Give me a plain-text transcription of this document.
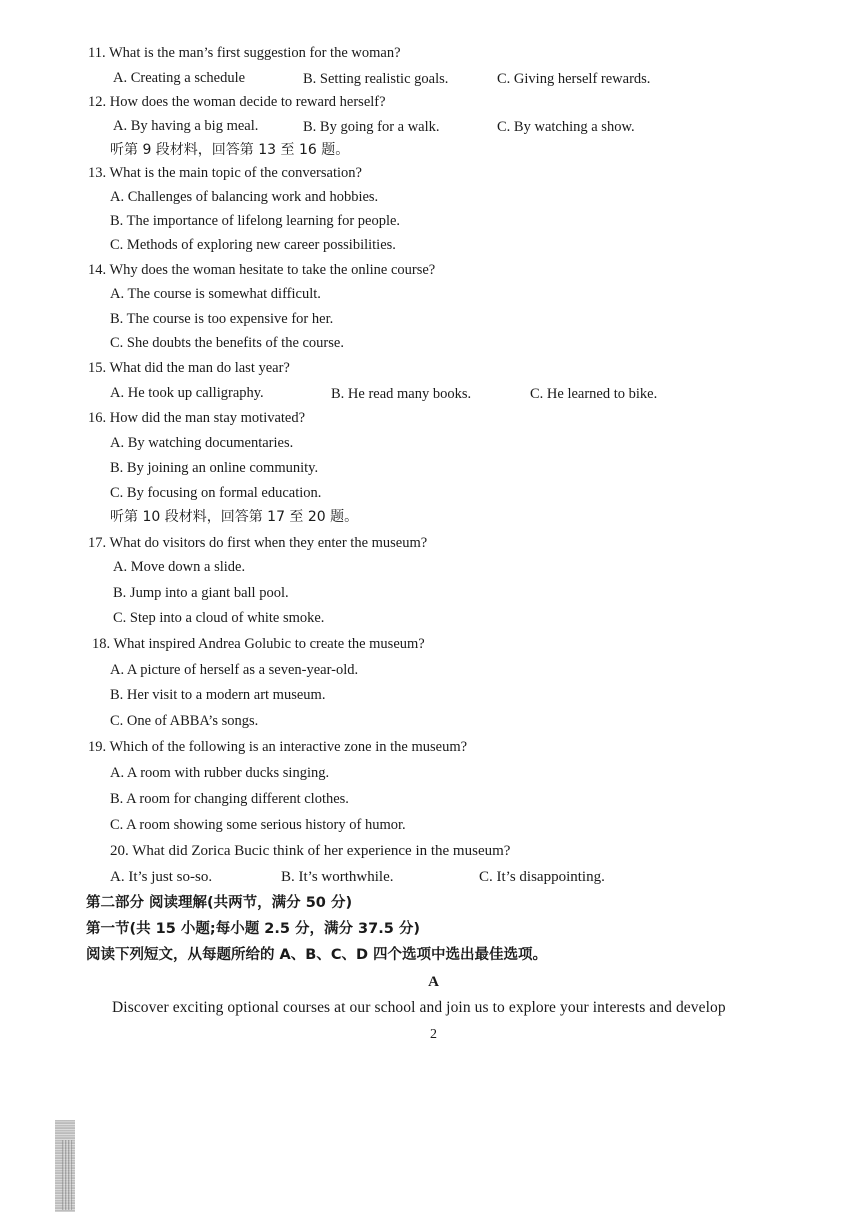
11. What is the man’s first suggestion for the woman?
A. Creating a schedule	B. Setting realistic goals.	C. Giving herself rewards.
12. How does the woman decide to reward herself?
A. By having a big meal.	B. By going for a walk.	C. By watching a show.
听第 9 段材料，回答第 13 至 16 题。
13. What is the main topic of the conversation?
A. Challenges of balancing work and hobbies.
B. The importance of lifelong learning for people.
C. Methods of exploring new career possibilities.
14. Why does the woman hesitate to take the online course?
A. The course is somewhat difficult.
B. The course is too expensive for her.
C. She doubts the benefits of the course.
15. What did the man do last year?
A. He took up calligraphy.	B. He read many books.	C. He learned to bike.
16. How did the man stay motivated?
A. By watching documentaries.
B. By joining an online community.
C. By focusing on formal education.
听第 10 段材料，回答第 17 至 20 题。
17. What do visitors do first when they enter the museum?
A. Move down a slide.
B. Jump into a giant ball pool.
C. Step into a cloud of white smoke.
18. What inspired Andrea Golubic to create the museum?
A. A picture of herself as a seven-year-old.
B. Her visit to a modern art museum.
C. One of ABBA’s songs.
19. Which of the following is an interactive zone in the museum?
A. A room with rubber ducks singing.
B. A room for changing different clothes.
C. A room showing some serious history of humor.
20. What did Zorica Bucic think of her experience in the museum?
A. It’s just so-so.	B. It’s worthwhile.	C. It’s disappointing.
第二部分 阅读理解(共两节，满分 50 分)
第一节(共 15 小题;每小题 2.5 分，满分 37.5 分)
阅读下列短文，从每题所给的 A、B、C、D 四个选项中选出最佳选项。
A
Discover exciting optional courses at our school and join us to explore your interests and develop
2
